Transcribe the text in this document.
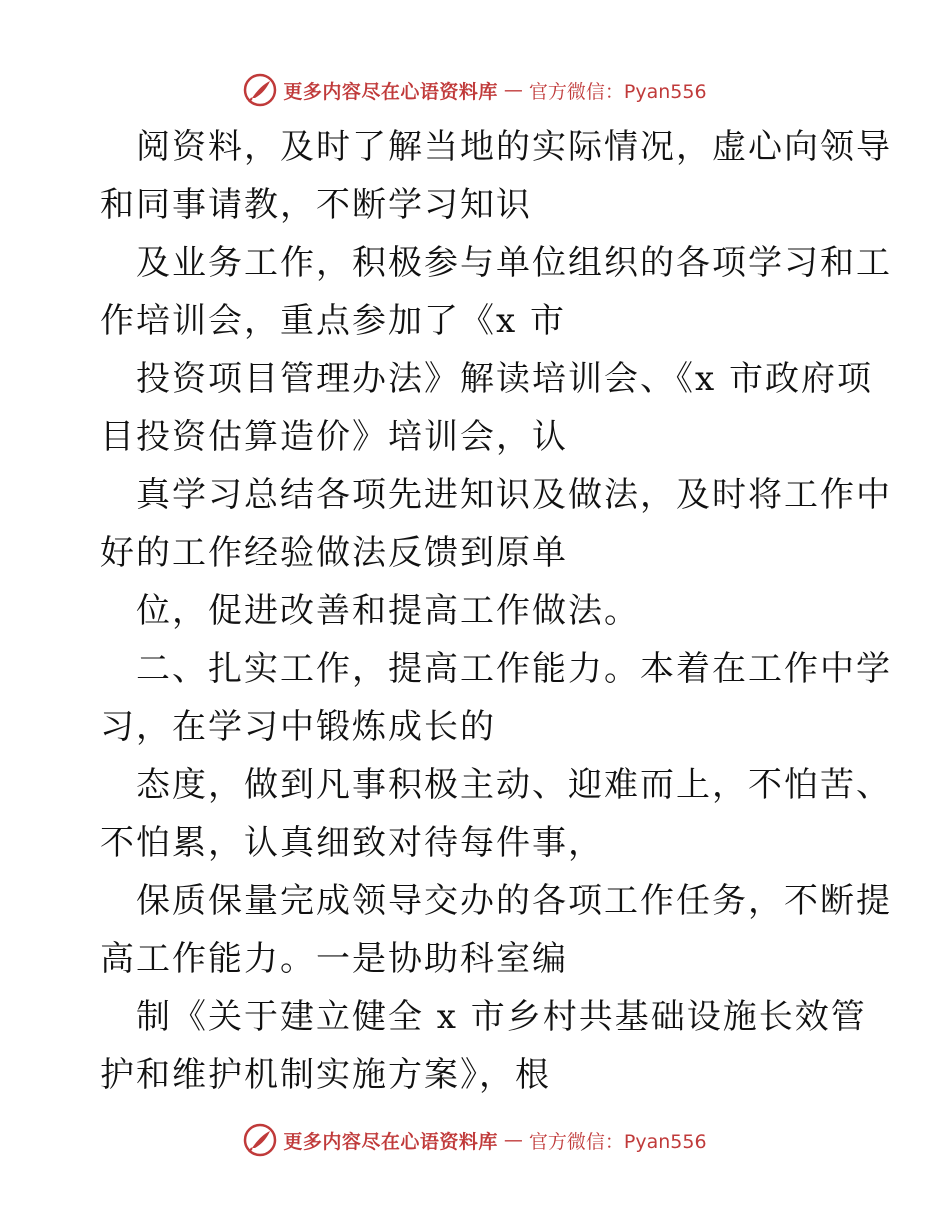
更多内容尽在心语资料库 — 官方微信：Pyan556
阅资料，及时了解当地的实际情况，虚心向领导
和同事请教，不断学习知识
及业务工作，积极参与单位组织的各项学习和工
作培训会，重点参加了《x 市
投资项目管理办法》解读培训会、《x 市政府项
目投资估算造价》培训会，认
真学习总结各项先进知识及做法，及时将工作中
好的工作经验做法反馈到原单
位，促进改善和提高工作做法。
二、扎实工作，提高工作能力。本着在工作中学
习，在学习中锻炼成长的
态度，做到凡事积极主动、迎难而上，不怕苦、
不怕累，认真细致对待每件事，
保质保量完成领导交办的各项工作任务，不断提
高工作能力。一是协助科室编
制《关于建立健全 x 市乡村共基础设施长效管
护和维护机制实施方案》，根
更多内容尽在心语资料库 — 官方微信：Pyan556
